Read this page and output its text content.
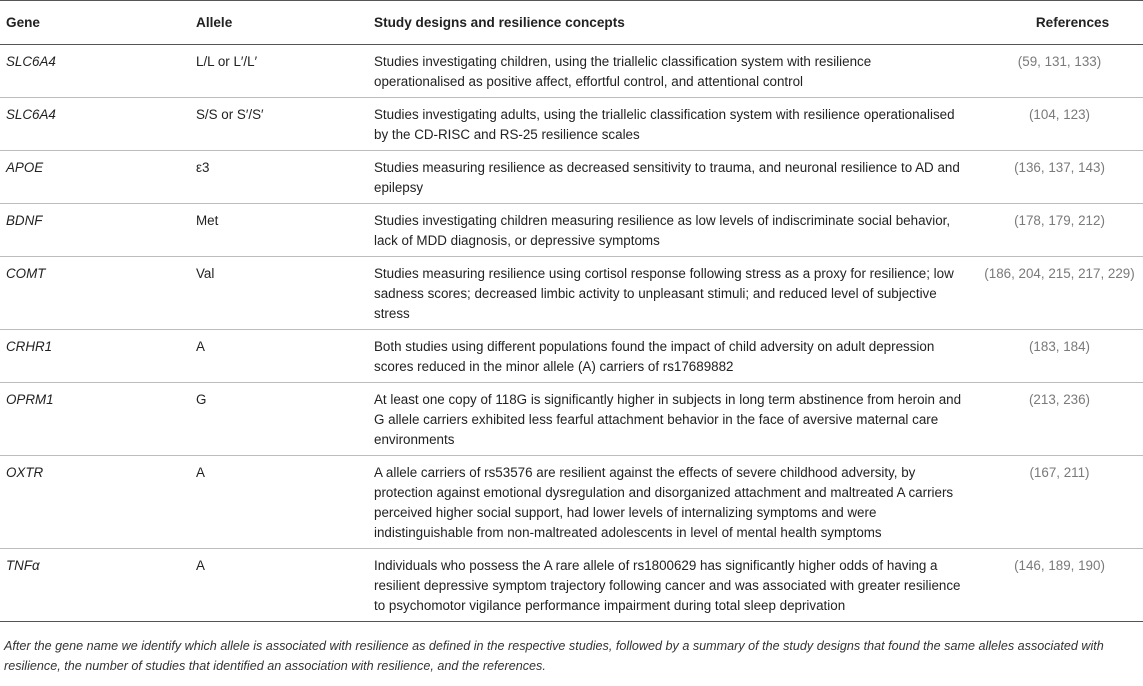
Gene	Allele	Study designs and resilience concepts	References
SLC6A4	L/L or L′/L′	Studies investigating children, using the triallelic classification system with resilience operationalised as positive affect, effortful control, and attentional control	(59, 131, 133)
SLC6A4	S/S or S′/S′	Studies investigating adults, using the triallelic classification system with resilience operationalised by the CD-RISC and RS-25 resilience scales	(104, 123)
APOE	ε3	Studies measuring resilience as decreased sensitivity to trauma, and neuronal resilience to AD and epilepsy	(136, 137, 143)
BDNF	Met	Studies investigating children measuring resilience as low levels of indiscriminate social behavior, lack of MDD diagnosis, or depressive symptoms	(178, 179, 212)
COMT	Val	Studies measuring resilience using cortisol response following stress as a proxy for resilience; low sadness scores; decreased limbic activity to unpleasant stimuli; and reduced level of subjective stress	(186, 204, 215, 217, 229)
CRHR1	A	Both studies using different populations found the impact of child adversity on adult depression scores reduced in the minor allele (A) carriers of rs17689882	(183, 184)
OPRM1	G	At least one copy of 118G is significantly higher in subjects in long term abstinence from heroin and G allele carriers exhibited less fearful attachment behavior in the face of aversive maternal care environments	(213, 236)
OXTR	A	A allele carriers of rs53576 are resilient against the effects of severe childhood adversity, by protection against emotional dysregulation and disorganized attachment and maltreated A carriers perceived higher social support, had lower levels of internalizing symptoms and were indistinguishable from non-maltreated adolescents in level of mental health symptoms	(167, 211)
TNFα	A	Individuals who possess the A rare allele of rs1800629 has significantly higher odds of having a resilient depressive symptom trajectory following cancer and was associated with greater resilience to psychomotor vigilance performance impairment during total sleep deprivation	(146, 189, 190)
After the gene name we identify which allele is associated with resilience as defined in the respective studies, followed by a summary of the study designs that found the same alleles associated with resilience, the number of studies that identified an association with resilience, and the references.
